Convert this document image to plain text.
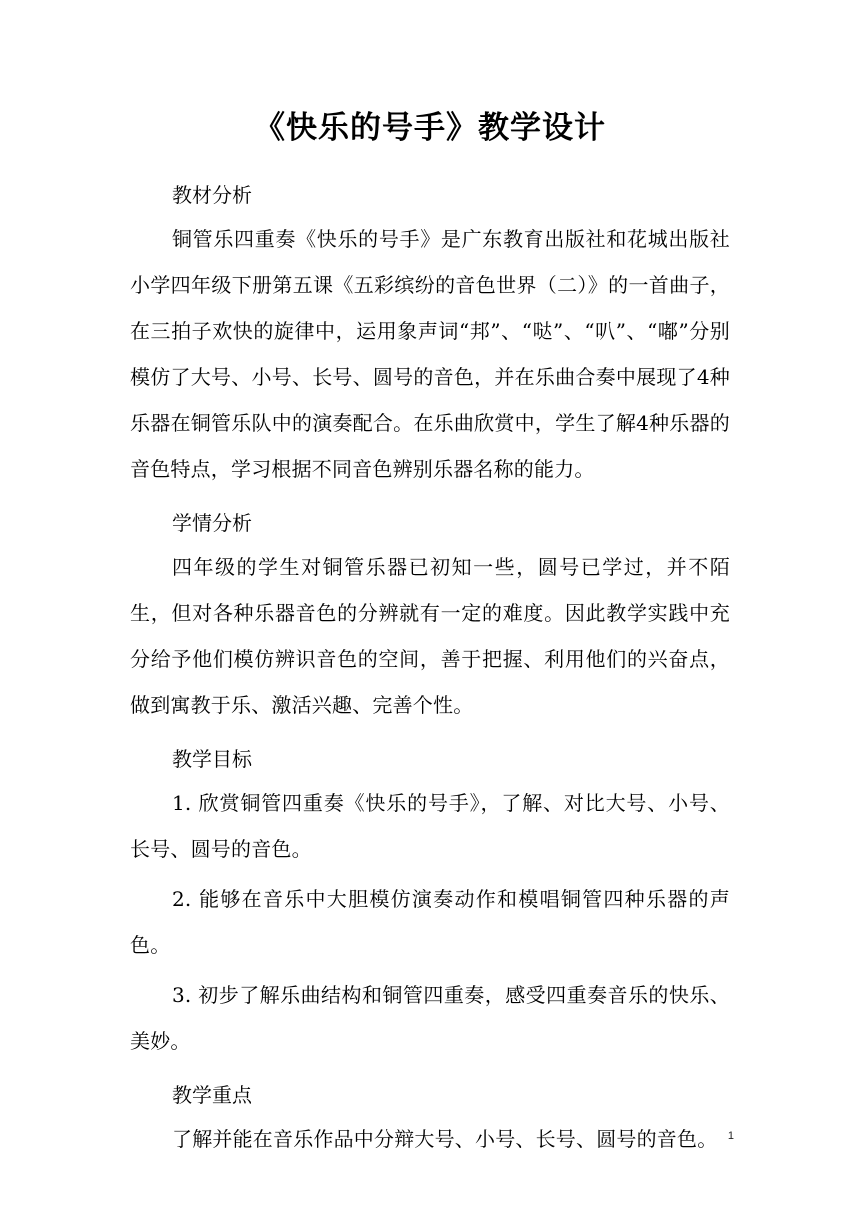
《快乐的号手》教学设计
教材分析

铜管乐四重奏《快乐的号手》是广东教育出版社和花城出版社小学四年级下册第五课《五彩缤纷的音色世界（二）》的一首曲子，在三拍子欢快的旋律中，运用象声词“邦”、“哒”、“叭”、“嘟”分别模仿了大号、小号、长号、圆号的音色，并在乐曲合奏中展现了4种乐器在铜管乐队中的演奏配合。在乐曲欣赏中，学生了解4种乐器的音色特点，学习根据不同音色辨别乐器名称的能力。

学情分析

四年级的学生对铜管乐器已初知一些，圆号已学过，并不陌生，但对各种乐器音色的分辨就有一定的难度。因此教学实践中充分给予他们模仿辨识音色的空间，善于把握、利用他们的兴奋点，做到寓教于乐、激活兴趣、完善个性。

教学目标

1. 欣赏铜管四重奏《快乐的号手》，了解、对比大号、小号、长号、圆号的音色。

2. 能够在音乐中大胆模仿演奏动作和模唱铜管四种乐器的声色。

3. 初步了解乐曲结构和铜管四重奏，感受四重奏音乐的快乐、美妙。

教学重点

了解并能在音乐作品中分辩大号、小号、长号、圆号的音色。 1
